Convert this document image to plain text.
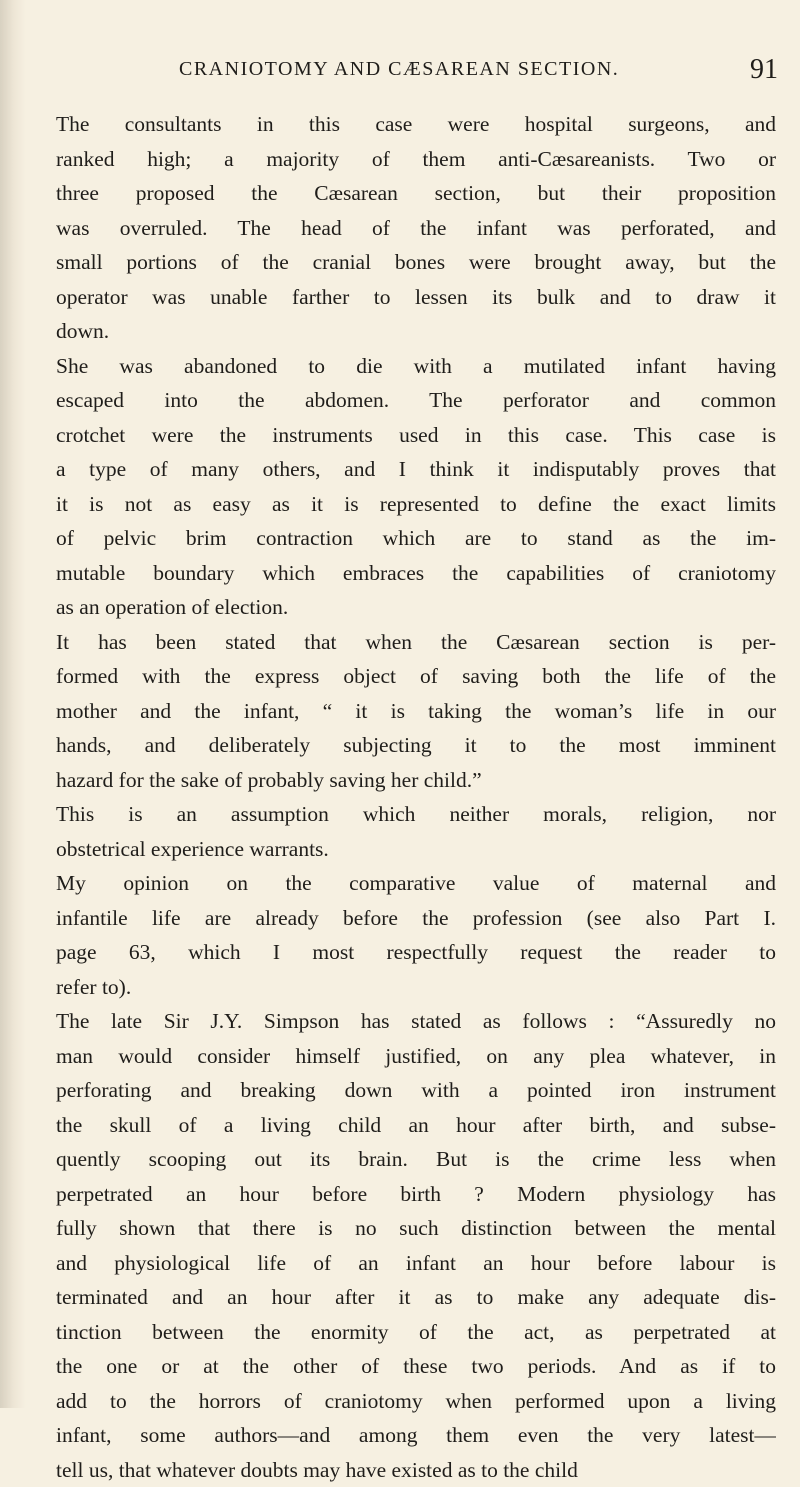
CRANIOTOMY AND CÆSAREAN SECTION.	91
The consultants in this case were hospital surgeons, and
ranked high; a majority of them anti-Cæsareanists. Two or
three proposed the Cæsarean section, but their proposition
was overruled. The head of the infant was perforated, and
small portions of the cranial bones were brought away, but the
operator was unable farther to lessen its bulk and to draw it
down.
She was abandoned to die with a mutilated infant having
escaped into the abdomen. The perforator and common
crotchet were the instruments used in this case. This case is
a type of many others, and I think it indisputably proves that
it is not as easy as it is represented to define the exact limits
of pelvic brim contraction which are to stand as the im-
mutable boundary which embraces the capabilities of craniotomy
as an operation of election.
It has been stated that when the Cæsarean section is per-
formed with the express object of saving both the life of the
mother and the infant, “ it is taking the woman’s life in our
hands, and deliberately subjecting it to the most imminent
hazard for the sake of probably saving her child.”
This is an assumption which neither morals, religion, nor
obstetrical experience warrants.
My opinion on the comparative value of maternal and
infantile life are already before the profession (see also Part I.
page 63, which I most respectfully request the reader to
refer to).
The late Sir J.Y. Simpson has stated as follows : “Assuredly no
man would consider himself justified, on any plea whatever, in
perforating and breaking down with a pointed iron instrument
the skull of a living child an hour after birth, and subse-
quently scooping out its brain. But is the crime less when
perpetrated an hour before birth ? Modern physiology has
fully shown that there is no such distinction between the mental
and physiological life of an infant an hour before labour is
terminated and an hour after it as to make any adequate dis-
tinction between the enormity of the act, as perpetrated at
the one or at the other of these two periods. And as if to
add to the horrors of craniotomy when performed upon a living
infant, some authors—and among them even the very latest—
tell us, that whatever doubts may have existed as to the child
